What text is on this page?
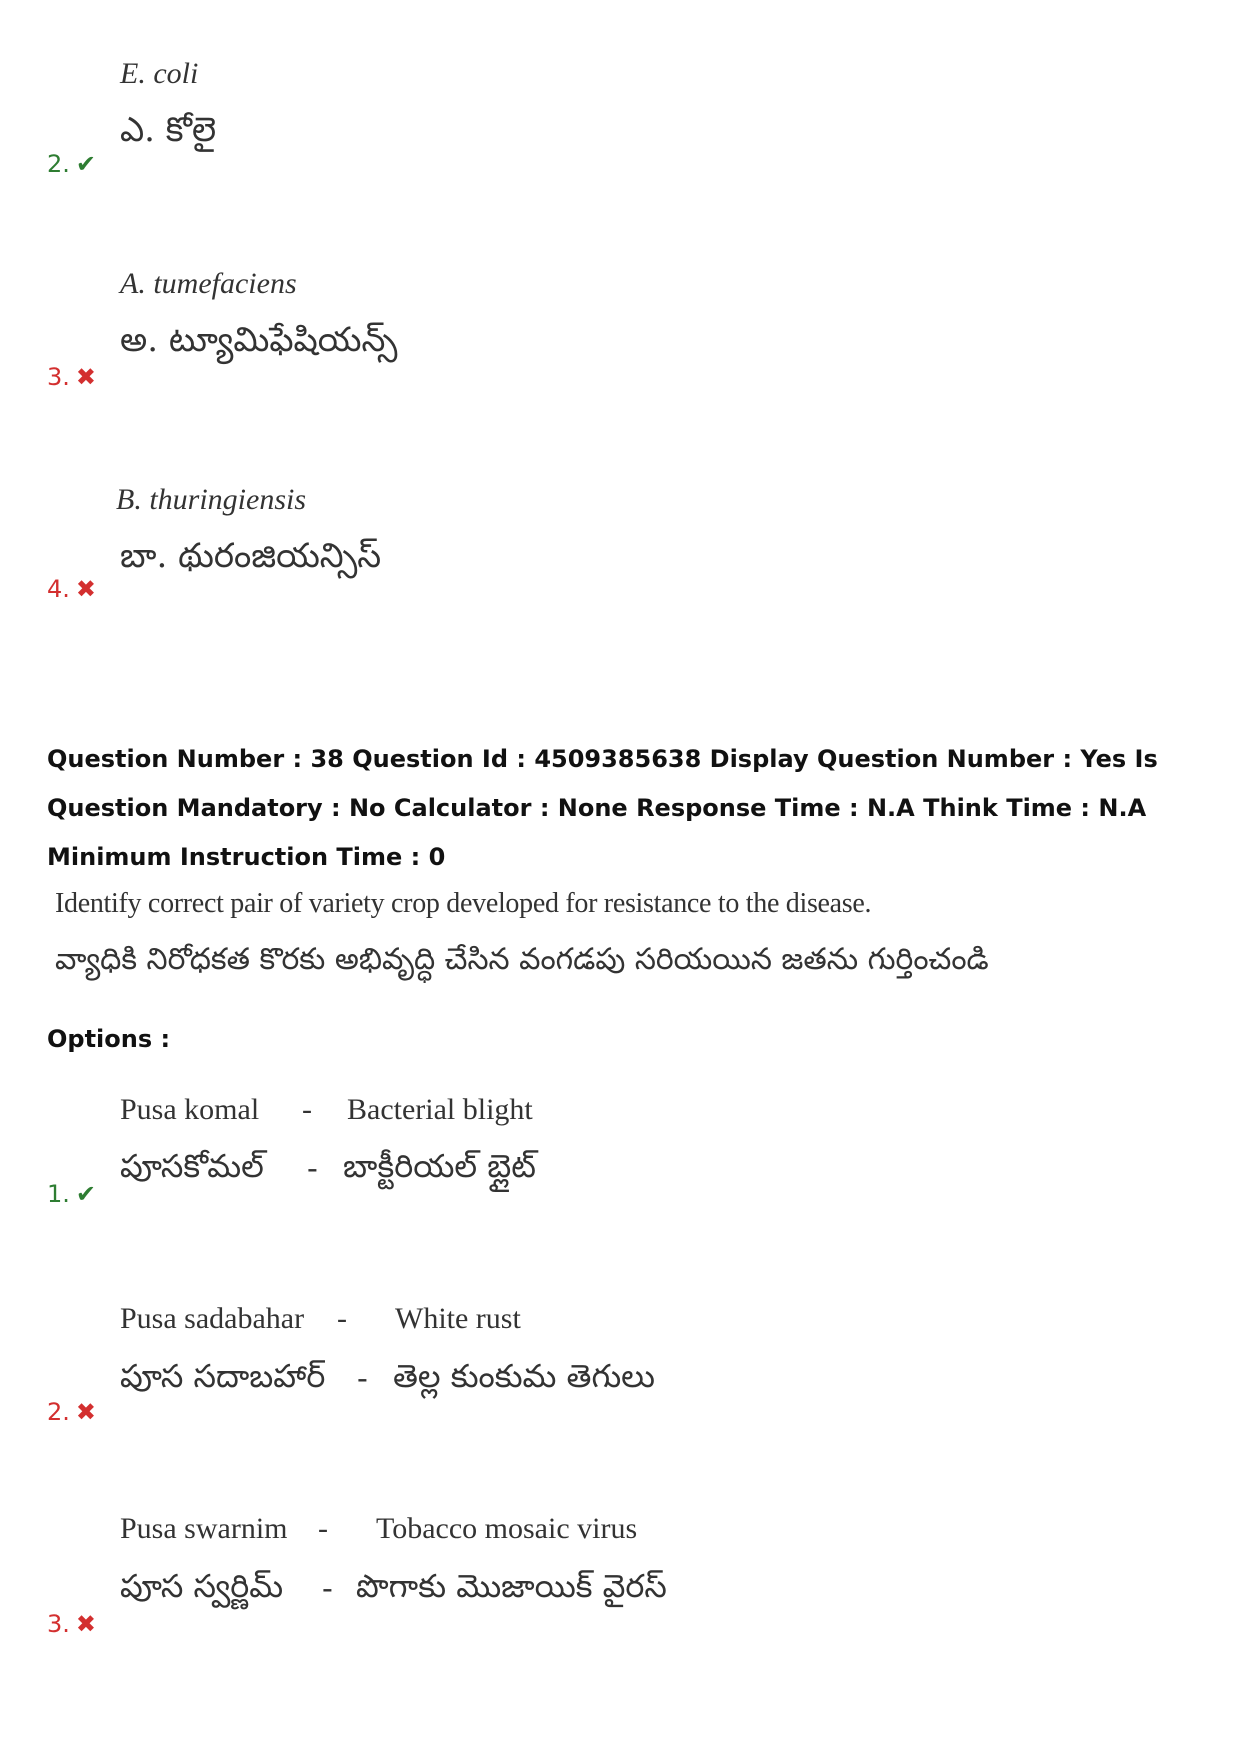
E. coli
ఎ. కోలై
2. ✔
A. tumefaciens
అ. ట్యూమిఫేషియన్స్
3. ✖
B. thuringiensis
బా. థురంజియన్సిస్
4. ✖
Question Number : 38 Question Id : 4509385638 Display Question Number : Yes Is Question Mandatory : No Calculator : None Response Time : N.A Think Time : N.A Minimum Instruction Time : 0
Identify correct pair of variety crop developed for resistance to the disease.
వ్యాధికి నిరోధకత కొరకు అభివృద్ధి చేసిన వంగడపు సరియయిన జతను గుర్తించండి
Options :
Pusa komal - Bacterial blight
పూసకోమల్ - బాక్టీరియల్ బ్లైట్
1. ✔
Pusa sadabahar - White rust
పూస సదాబహార్ - తెల్ల కుంకుమ తెగులు
2. ✖
Pusa swarnim - Tobacco mosaic virus
పూస స్వర్ణిమ్ - పొగాకు మొజాయిక్ వైరస్
3. ✖
